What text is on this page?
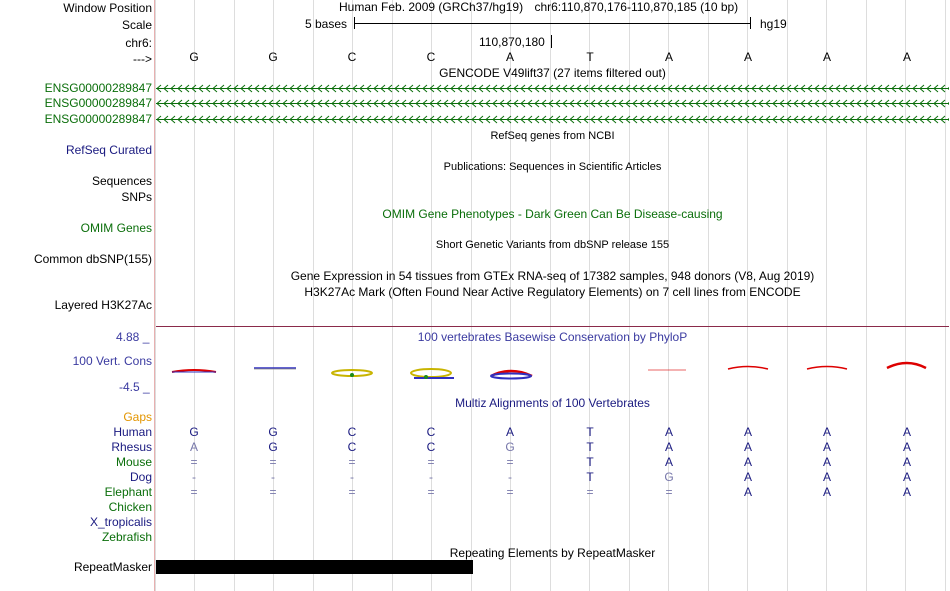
Window Position
Scale
chr6:
--->
Human Feb. 2009 (GRCh37/hg19) chr6:110,870,176-110,870,185 (10 bp)
5 bases	hg19
110,870,180
G	G	C	C	A	T	A	A	A	A
GENCODE V49lift37 (27 items filtered out)
ENSG00000289847
ENSG00000289847
ENSG00000289847
RefSeq genes from NCBI
RefSeq Curated
Publications: Sequences in Scientific Articles
Sequences
SNPs
OMIM Gene Phenotypes - Dark Green Can Be Disease-causing
OMIM Genes
Short Genetic Variants from dbSNP release 155
Common dbSNP(155)
Gene Expression in 54 tissues from GTEx RNA-seq of 17382 samples, 948 donors (V8, Aug 2019)
H3K27Ac Mark (Often Found Near Active Regulatory Elements) on 7 cell lines from ENCODE
Layered H3K27Ac
100 vertebrates Basewise Conservation by PhyloP
4.88 _
100 Vert. Cons
-4.5 _
Multiz Alignments of 100 Vertebrates
Gaps
Human
Rhesus
Mouse
Dog
Elephant
Chicken
X_tropicalis
Zebrafish
G	G	C	C	A	T	A	A	A	A
A	G	C	C	G	T	A	A	A	A
=	=	=	=	=	T	A	A	A	A
-	-	-	-	-	T	G	A	A	A
=	=	=	=	=	=	=	A	A	A
Repeating Elements by RepeatMasker
RepeatMasker
